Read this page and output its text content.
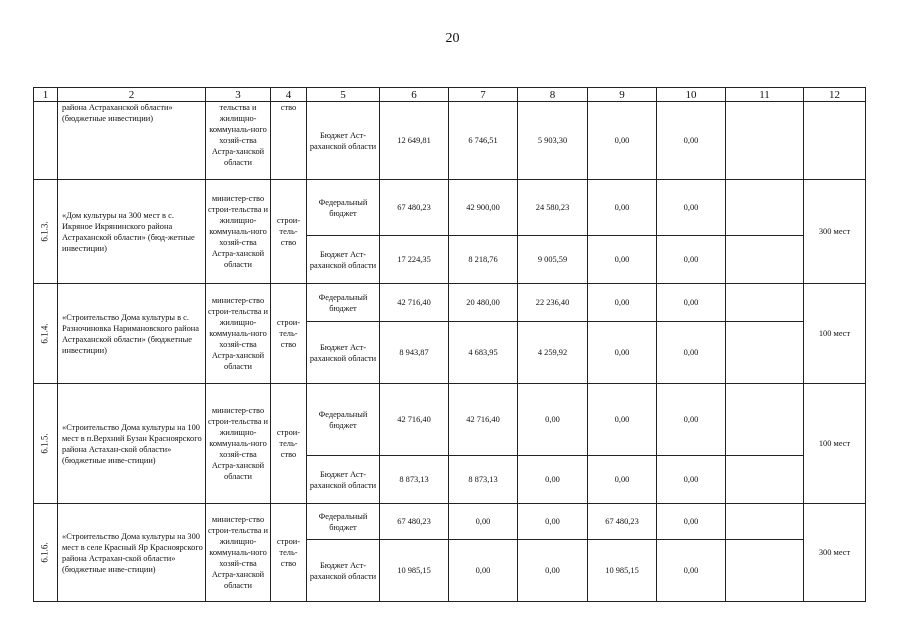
20
1	2	3	4	5	6	7	8	9	10	11	12
	района Астраханской области» (бюджетные инвестиции)	тельства и жилищно-коммуналь-ного хозяй-ства Астра-ханской области	ство	Бюджет Аст-раханской области	12 649,81	6 746,51	5 903,30	0,00	0,00		
6.1.3.	«Дом культуры на 300 мест в с. Икряное Икрянинского района Астраханской области» (бюд-жетные инвестиции)	министер-ство строи-тельства и жилищно-коммуналь-ного хозяй-ства Астра-ханской области	строи-тель-ство	Федеральный бюджет	67 480,23	42 900,00	24 580,23	0,00	0,00		300 мест
				Бюджет Аст-раханской области	17 224,35	8 218,76	9 005,59	0,00	0,00		
6.1.4.	«Строительство Дома культуры в с. Разночиновка Наримановского района Астраханской области» (бюджетные инвестиции)	министер-ство строи-тельства и жилищно-коммуналь-ного хозяй-ства Астра-ханской области	строи-тель-ство	Федеральный бюджет	42 716,40	20 480,00	22 236,40	0,00	0,00		100 мест
				Бюджет Аст-раханской области	8 943,87	4 683,95	4 259,92	0,00	0,00		
6.1.5.	«Строительство Дома культуры на 100 мест в п.Верхний Бузан Красноярского района Астахан-ской области» (бюджетные инве-стиции)	министер-ство строи-тельства и жилищно-коммуналь-ного хозяй-ства Астра-ханской области	строи-тель-ство	Федеральный бюджет	42 716,40	42 716,40	0,00	0,00	0,00		100 мест
				Бюджет Аст-раханской области	8 873,13	8 873,13	0,00	0,00	0,00		
6.1.6.	«Строительство Дома культуры на 300 мест в селе Красный Яр Красноярского района Астрахан-ской области» (бюджетные инве-стиции)	министер-ство строи-тельства и жилищно-коммуналь-ного хозяй-ства Астра-ханской области	строи-тель-ство	Федеральный бюджет	67 480,23	0,00	0,00	67 480,23	0,00		300 мест
				Бюджет Аст-раханской области	10 985,15	0,00	0,00	10 985,15	0,00		
